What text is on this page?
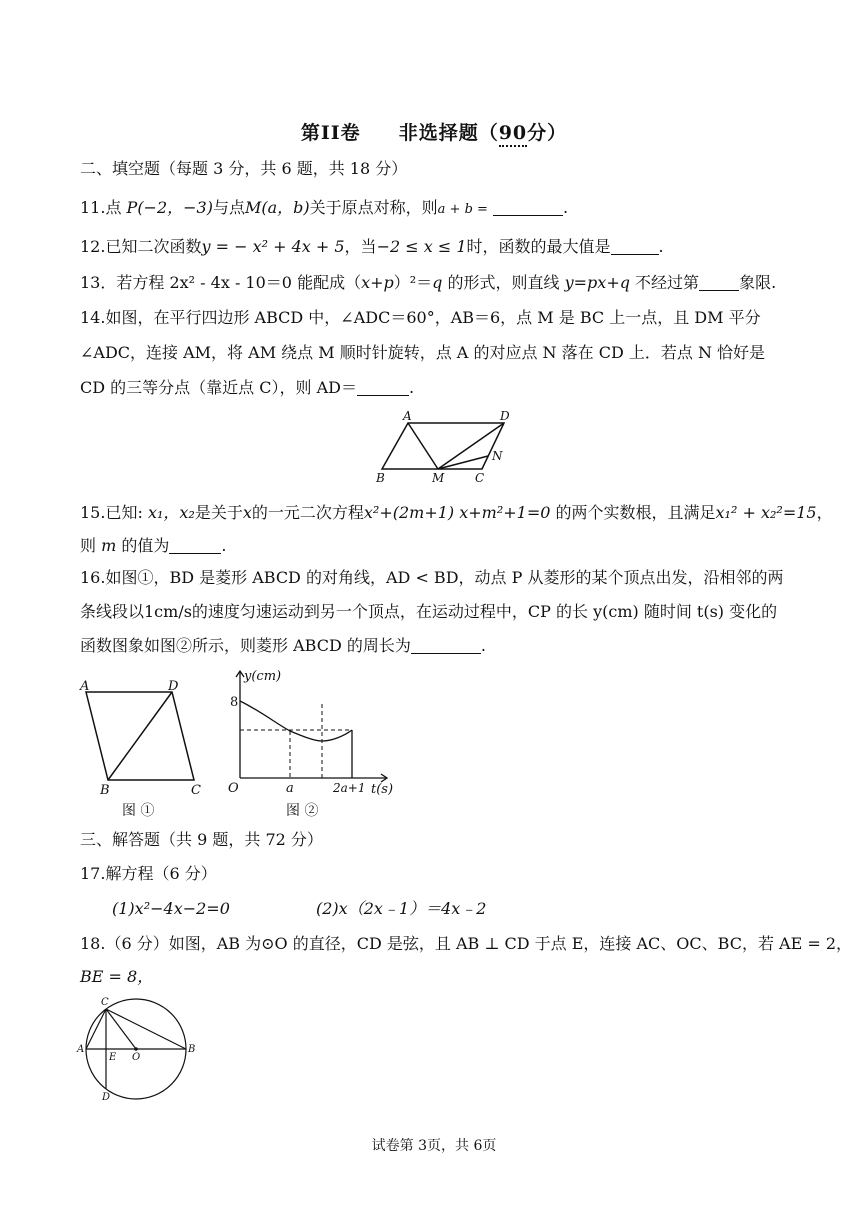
第II卷 非选择题（90分）
二、填空题（每题 3 分，共 6 题，共 18 分）
11.点 P(−2，−3)与点M(a，b)关于原点对称，则a + b =	.
12.已知二次函数y = − x² + 4x + 5，当−2 ≤ x ≤ 1时，函数的最大值是	.
13．若方程 2x² ‐ 4x ‐ 10＝0 能配成（x+p）²＝q 的形式，则直线 y=px+q 不经过第	象限.
14.如图，在平行四边形 ABCD 中，∠ADC＝60°，AB＝6，点 M 是 BC 上一点，且 DM 平分
∠ADC，连接 AM，将 AM 绕点 M 顺时针旋转，点 A 的对应点 N 落在 CD 上．若点 N 恰好是
CD 的三等分点（靠近点 C），则 AD＝	.
A	D
B	M	C
N
15.已知: x₁，x₂是关于x的一元二次方程x²+(2m+1) x+m²+1=0 的两个实数根，且满足x₁² + x₂²=15，
则 m 的值为	.
16.如图①，BD 是菱形 ABCD 的对角线，AD < BD，动点 P 从菱形的某个顶点出发，沿相邻的两
条线段以1cm/s的速度匀速运动到另一个顶点，在运动过程中，CP 的长 y(cm) 随时间 t(s) 变化的
函数图象如图②所示，则菱形 ABCD 的周长为	.
A	D
B	C
图 ①
y(cm)
8
O	a	2a+1 t(s)
图 ②
三、解答题（共 9 题，共 72 分）
17.解方程（6 分）
(1)x²−4x−2=0	(2)x（2x﹣1）＝4x﹣2
18.（6 分）如图，AB 为⊙O 的直径，CD 是弦，且 AB ⊥ CD 于点 E，连接 AC、OC、BC，若 AE = 2，
BE = 8，
C
A
E O
B
D
试卷第 3页，共 6页
